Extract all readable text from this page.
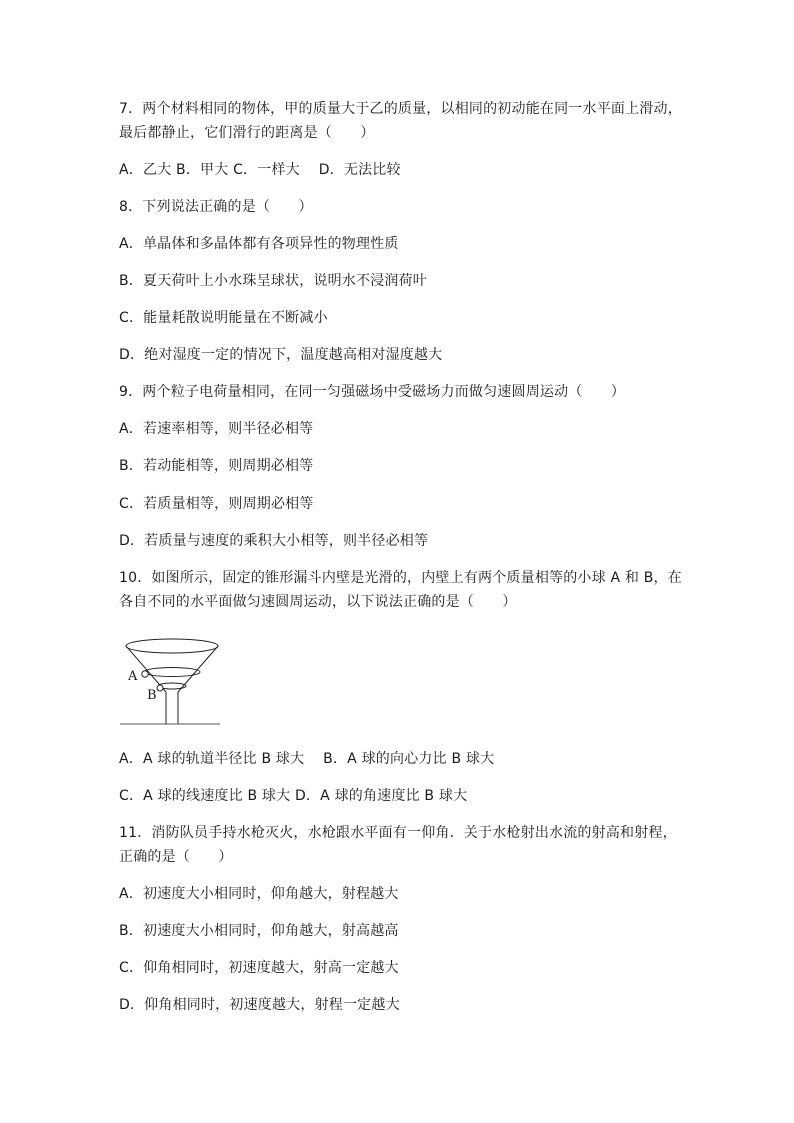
7．两个材料相同的物体，甲的质量大于乙的质量，以相同的初动能在同一水平面上滑动，
最后都静止，它们滑行的距离是（　　）
A．乙大 B．甲大 C．一样大　 D．无法比较
8．下列说法正确的是（　　）
A．单晶体和多晶体都有各项异性的物理性质
B．夏天荷叶上小水珠呈球状，说明水不浸润荷叶
C．能量耗散说明能量在不断减小
D．绝对湿度一定的情况下，温度越高相对湿度越大
9．两个粒子电荷量相同，在同一匀强磁场中受磁场力而做匀速圆周运动（　　）
A．若速率相等，则半径必相等
B．若动能相等，则周期必相等
C．若质量相等，则周期必相等
D．若质量与速度的乘积大小相等，则半径必相等
10．如图所示，固定的锥形漏斗内壁是光滑的，内壁上有两个质量相等的小球 A 和 B，在
各自不同的水平面做匀速圆周运动，以下说法正确的是（　　）
A
B
A．A 球的轨道半径比 B 球大　 B．A 球的向心力比 B 球大
C．A 球的线速度比 B 球大 D．A 球的角速度比 B 球大
11．消防队员手持水枪灭火，水枪跟水平面有一仰角．关于水枪射出水流的射高和射程，
正确的是（　　）
A．初速度大小相同时，仰角越大，射程越大
B．初速度大小相同时，仰角越大，射高越高
C．仰角相同时，初速度越大，射高一定越大
D．仰角相同时，初速度越大，射程一定越大
